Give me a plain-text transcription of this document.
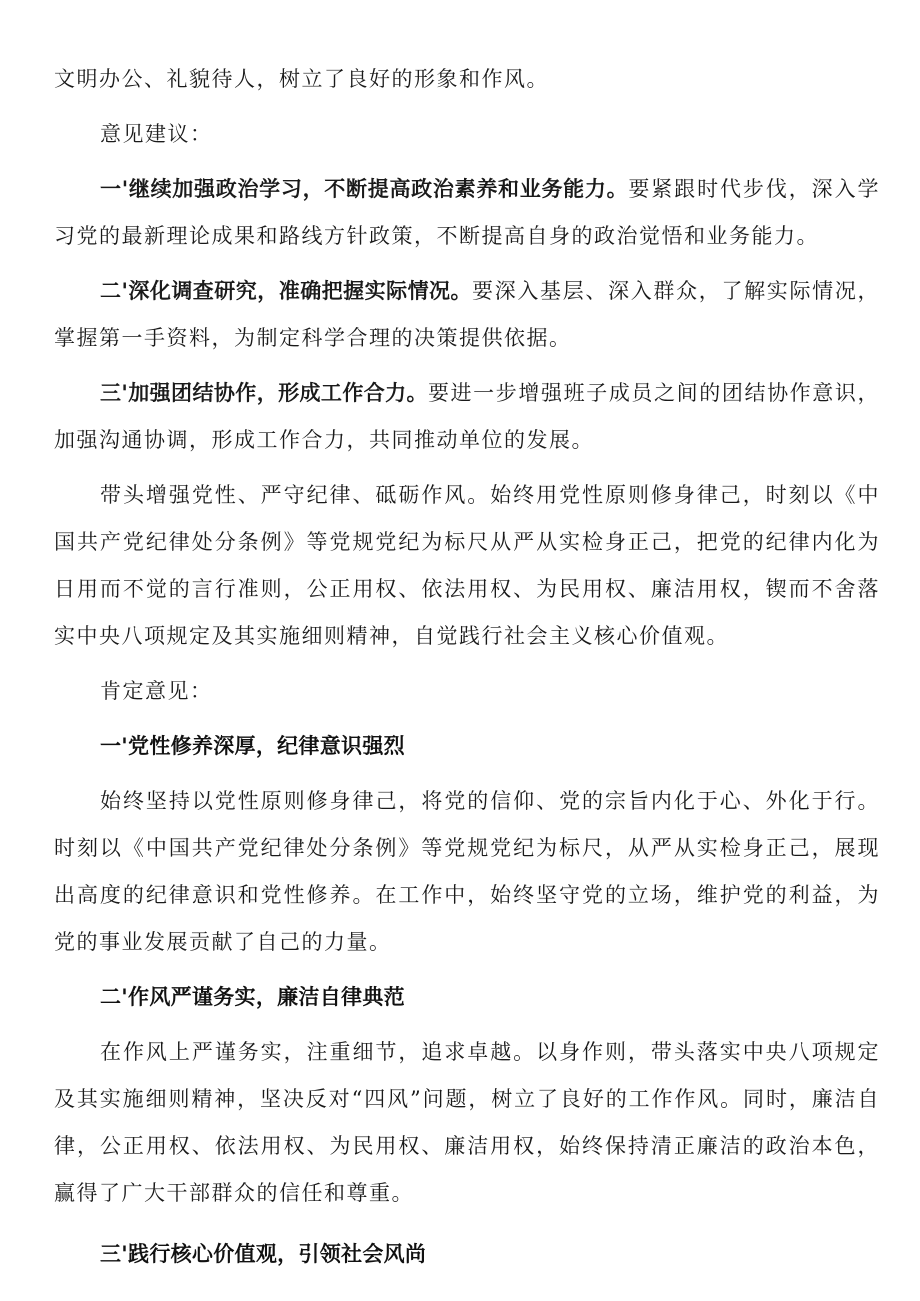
文明办公、礼貌待人，树立了良好的形象和作风。

意见建议：

一'继续加强政治学习，不断提高政治素养和业务能力。要紧跟时代步伐，深入学习党的最新理论成果和路线方针政策，不断提高自身的政治觉悟和业务能力。

二'深化调查研究，准确把握实际情况。要深入基层、深入群众，了解实际情况，掌握第一手资料，为制定科学合理的决策提供依据。

三'加强团结协作，形成工作合力。要进一步增强班子成员之间的团结协作意识，加强沟通协调，形成工作合力，共同推动单位的发展。

带头增强党性、严守纪律、砥砺作风。始终用党性原则修身律己，时刻以《中国共产党纪律处分条例》等党规党纪为标尺从严从实检身正己，把党的纪律内化为日用而不觉的言行准则，公正用权、依法用权、为民用权、廉洁用权，锲而不舍落实中央八项规定及其实施细则精神，自觉践行社会主义核心价值观。

肯定意见：

一'党性修养深厚，纪律意识强烈

始终坚持以党性原则修身律己，将党的信仰、党的宗旨内化于心、外化于行。时刻以《中国共产党纪律处分条例》等党规党纪为标尺，从严从实检身正己，展现出高度的纪律意识和党性修养。在工作中，始终坚守党的立场，维护党的利益，为党的事业发展贡献了自己的力量。

二'作风严谨务实，廉洁自律典范

在作风上严谨务实，注重细节，追求卓越。以身作则，带头落实中央八项规定及其实施细则精神，坚决反对“四风”问题，树立了良好的工作作风。同时，廉洁自律，公正用权、依法用权、为民用权、廉洁用权，始终保持清正廉洁的政治本色，赢得了广大干部群众的信任和尊重。

三'践行核心价值观，引领社会风尚
